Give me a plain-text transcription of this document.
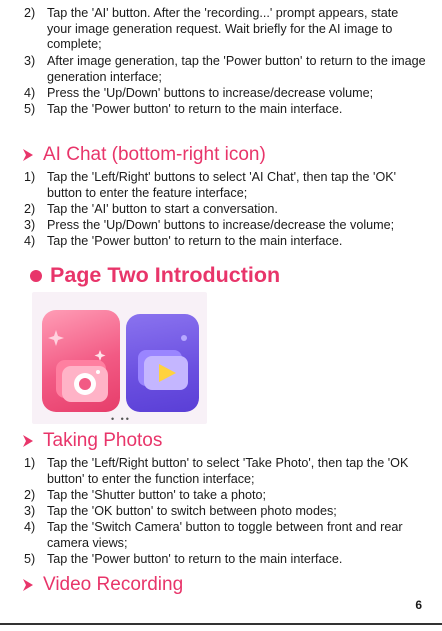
2) Tap the 'AI' button. After the 'recording...' prompt appears, state your image generation request. Wait briefly for the AI image to complete;
3) After image generation, tap the 'Power button' to return to the image generation interface;
4) Press the 'Up/Down' buttons to increase/decrease volume;
5) Tap the 'Power button' to return to the main interface.
AI Chat (bottom-right icon)
1) Tap the 'Left/Right' buttons to select 'AI Chat', then tap the 'OK' button to enter the feature interface;
2) Tap the 'AI' button to start a conversation.
3) Press the 'Up/Down' buttons to increase/decrease the volume;
4) Tap the 'Power button' to return to the main interface.
Page Two Introduction
• ••
Taking Photos
1) Tap the 'Left/Right button' to select 'Take Photo', then tap the 'OK button' to enter the function interface;
2) Tap the 'Shutter button' to take a photo;
3) Tap the 'OK button' to switch between photo modes;
4) Tap the 'Switch Camera' button to toggle between front and rear camera views;
5) Tap the 'Power button' to return to the main interface.
Video Recording
6
